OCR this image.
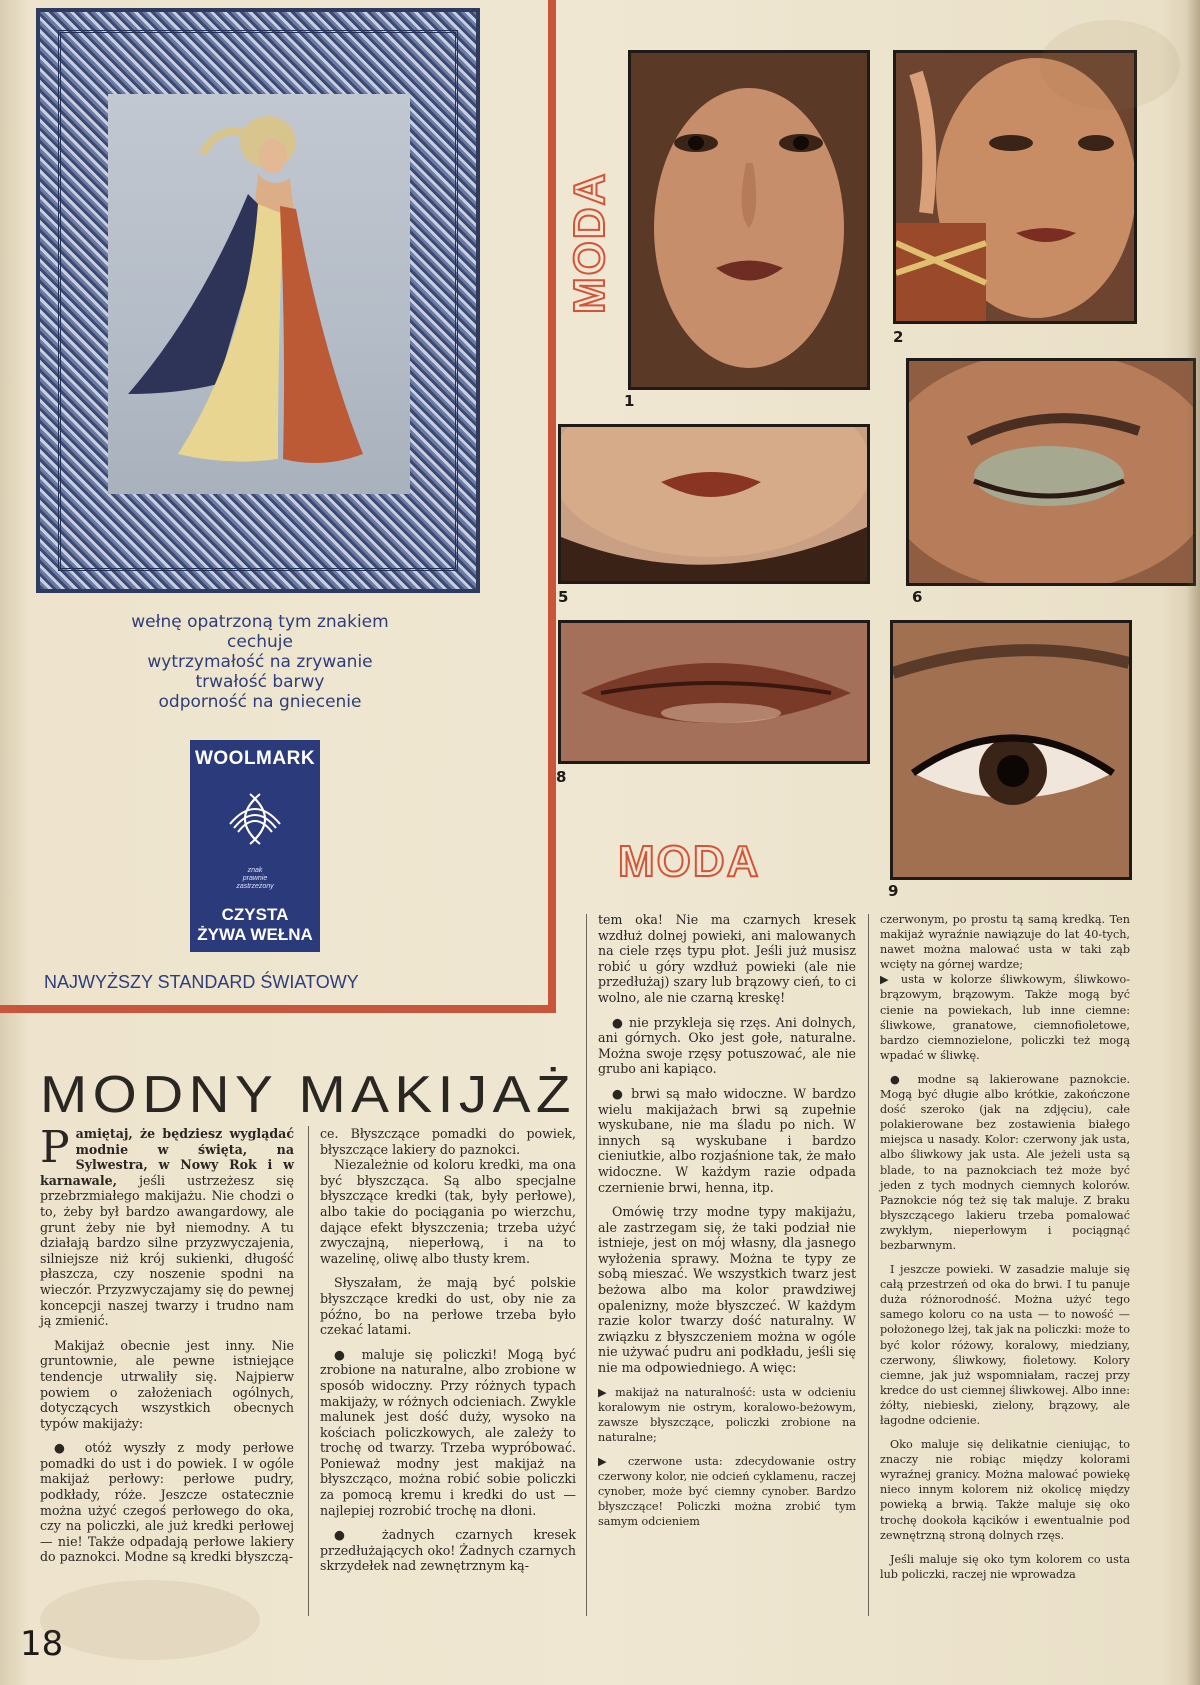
wełnę opatrzoną tym znakiem
cechuje
wytrzymałość na zrywanie
trwałość barwy
odporność na gniecenie
WOOLMARK
znak
prawnie
zastrzeżony
CZYSTA
ŻYWA WEŁNA
NAJWYŻSZY STANDARD ŚWIATOWY
MODA
1
2
5	6
8
9
MODA
MODNY MAKIJAŻ

Pamiętaj, że będziesz wyglądać modnie w święta, na Sylwestra, w Nowy Rok i w karnawale, jeśli ustrzeżesz się przebrzmiałego makijażu. Nie chodzi o to, żeby był bardzo awangardowy, ale grunt żeby nie był niemodny. A tu działają bardzo silne przyzwyczajenia, silniejsze niż krój sukienki, długość płaszcza, czy noszenie spodni na wieczór. Przyzwyczajamy się do pewnej koncepcji naszej twarzy i trudno nam ją zmienić.

Makijaż obecnie jest inny. Nie gruntownie, ale pewne istniejące tendencje utrwaliły się. Najpierw powiem o założeniach ogólnych, dotyczących wszystkich obecnych typów makijaży:

● otóż wyszły z mody perłowe pomadki do ust i do powiek. I w ogóle makijaż perłowy: perłowe pudry, podkłady, róże. Jeszcze ostatecznie można użyć czegoś perłowego do oka, czy na policzki, ale już kredki perłowej — nie! Także odpadają perłowe lakiery do paznokci. Modne są kredki błyszczą-

ce. Błyszczące pomadki do powiek, błyszczące lakiery do paznokci.

Niezależnie od koloru kredki, ma ona być błyszcząca. Są albo specjalne błyszczące kredki (tak, były perłowe), albo takie do pociągania po wierzchu, dające efekt błyszczenia; trzeba użyć zwyczajną, nieperłową, i na to wazelinę, oliwę albo tłusty krem.

Słyszałam, że mają być polskie błyszczące kredki do ust, oby nie za późno, bo na perłowe trzeba było czekać latami.

● maluje się policzki! Mogą być zrobione na naturalne, albo zrobione w sposób widoczny. Przy różnych typach makijaży, w różnych odcieniach. Zwykle malunek jest dość duży, wysoko na kościach policzkowych, ale zależy to trochę od twarzy. Trzeba wypróbować. Ponieważ modny jest makijaż na błyszcząco, można robić sobie policzki za pomocą kremu i kredki do ust — najlepiej rozrobić trochę na dłoni.

● żadnych czarnych kresek przedłużających oko! Żadnych czarnych skrzydełek nad zewnętrznym ką-

tem oka! Nie ma czarnych kresek wzdłuż dolnej powieki, ani malowanych na ciele rzęs typu płot. Jeśli już musisz robić u góry wzdłuż powieki (ale nie przedłużaj) szary lub brązowy cień, to ci wolno, ale nie czarną kreskę!

● nie przykleja się rzęs. Ani dolnych, ani górnych. Oko jest gołe, naturalne. Można swoje rzęsy potuszować, ale nie grubo ani kapiąco.

● brwi są mało widoczne. W bardzo wielu makijażach brwi są zupełnie wyskubane, nie ma śladu po nich. W innych są wyskubane i bardzo cieniutkie, albo rozjaśnione tak, że mało widoczne. W każdym razie odpada czernienie brwi, henna, itp.

Omówię trzy modne typy makijażu, ale zastrzegam się, że taki podział nie istnieje, jest on mój własny, dla jasnego wyłożenia sprawy. Można te typy ze sobą mieszać. We wszystkich twarz jest beżowa albo ma kolor prawdziwej opalenizny, może błyszczeć. W każdym razie kolor twarzy dość naturalny. W związku z błyszczeniem można w ogóle nie używać pudru ani podkładu, jeśli się nie ma odpowiedniego. A więc:

▶ makijaż na naturalność: usta w odcieniu koralowym nie ostrym, koralowo-beżowym, zawsze błyszczące, policzki zrobione na naturalne;

▶ czerwone usta: zdecydowanie ostry czerwony kolor, nie odcień cyklamenu, raczej cynober, może być ciemny cynober. Bardzo błyszczące! Policzki można zrobić tym samym odcieniem

czerwonym, po prostu tą samą kredką. Ten makijaż wyraźnie nawiązuje do lat 40-tych, nawet można malować usta w taki ząb wcięty na górnej wardze;

▶ usta w kolorze śliwkowym, śliwkowo-brązowym, brązowym. Także mogą być cienie na powiekach, lub inne ciemne: śliwkowe, granatowe, ciemnofioletowe, bardzo ciemnozielone, policzki też mogą wpadać w śliwkę.

● modne są lakierowane paznokcie. Mogą być długie albo krótkie, zakończone dość szeroko (jak na zdjęciu), całe polakierowane bez zostawienia białego miejsca u nasady. Kolor: czerwony jak usta, albo śliwkowy jak usta. Ale jeżeli usta są blade, to na paznokciach też może być jeden z tych modnych ciemnych kolorów. Paznokcie nóg też się tak maluje. Z braku błyszczącego lakieru trzeba pomalować zwykłym, nieperłowym i pociągnąć bezbarwnym.

I jeszcze powieki. W zasadzie maluje się całą przestrzeń od oka do brwi. I tu panuje duża różnorodność. Można użyć tego samego koloru co na usta — to nowość — położonego lżej, tak jak na policzki: może to być kolor różowy, koralowy, miedziany, czerwony, śliwkowy, fioletowy. Kolory ciemne, jak już wspomniałam, raczej przy kredce do ust ciemnej śliwkowej. Albo inne: żółty, niebieski, zielony, brązowy, ale łagodne odcienie.

Oko maluje się delikatnie cieniując, to znaczy nie robiąc między kolorami wyraźnej granicy. Można malować powiekę nieco innym kolorem niż okolicę między powieką a brwią. Także maluje się oko trochę dookoła kącików i ewentualnie pod zewnętrzną stroną dolnych rzęs.

Jeśli maluje się oko tym kolorem co usta lub policzki, raczej nie wprowadza

18
